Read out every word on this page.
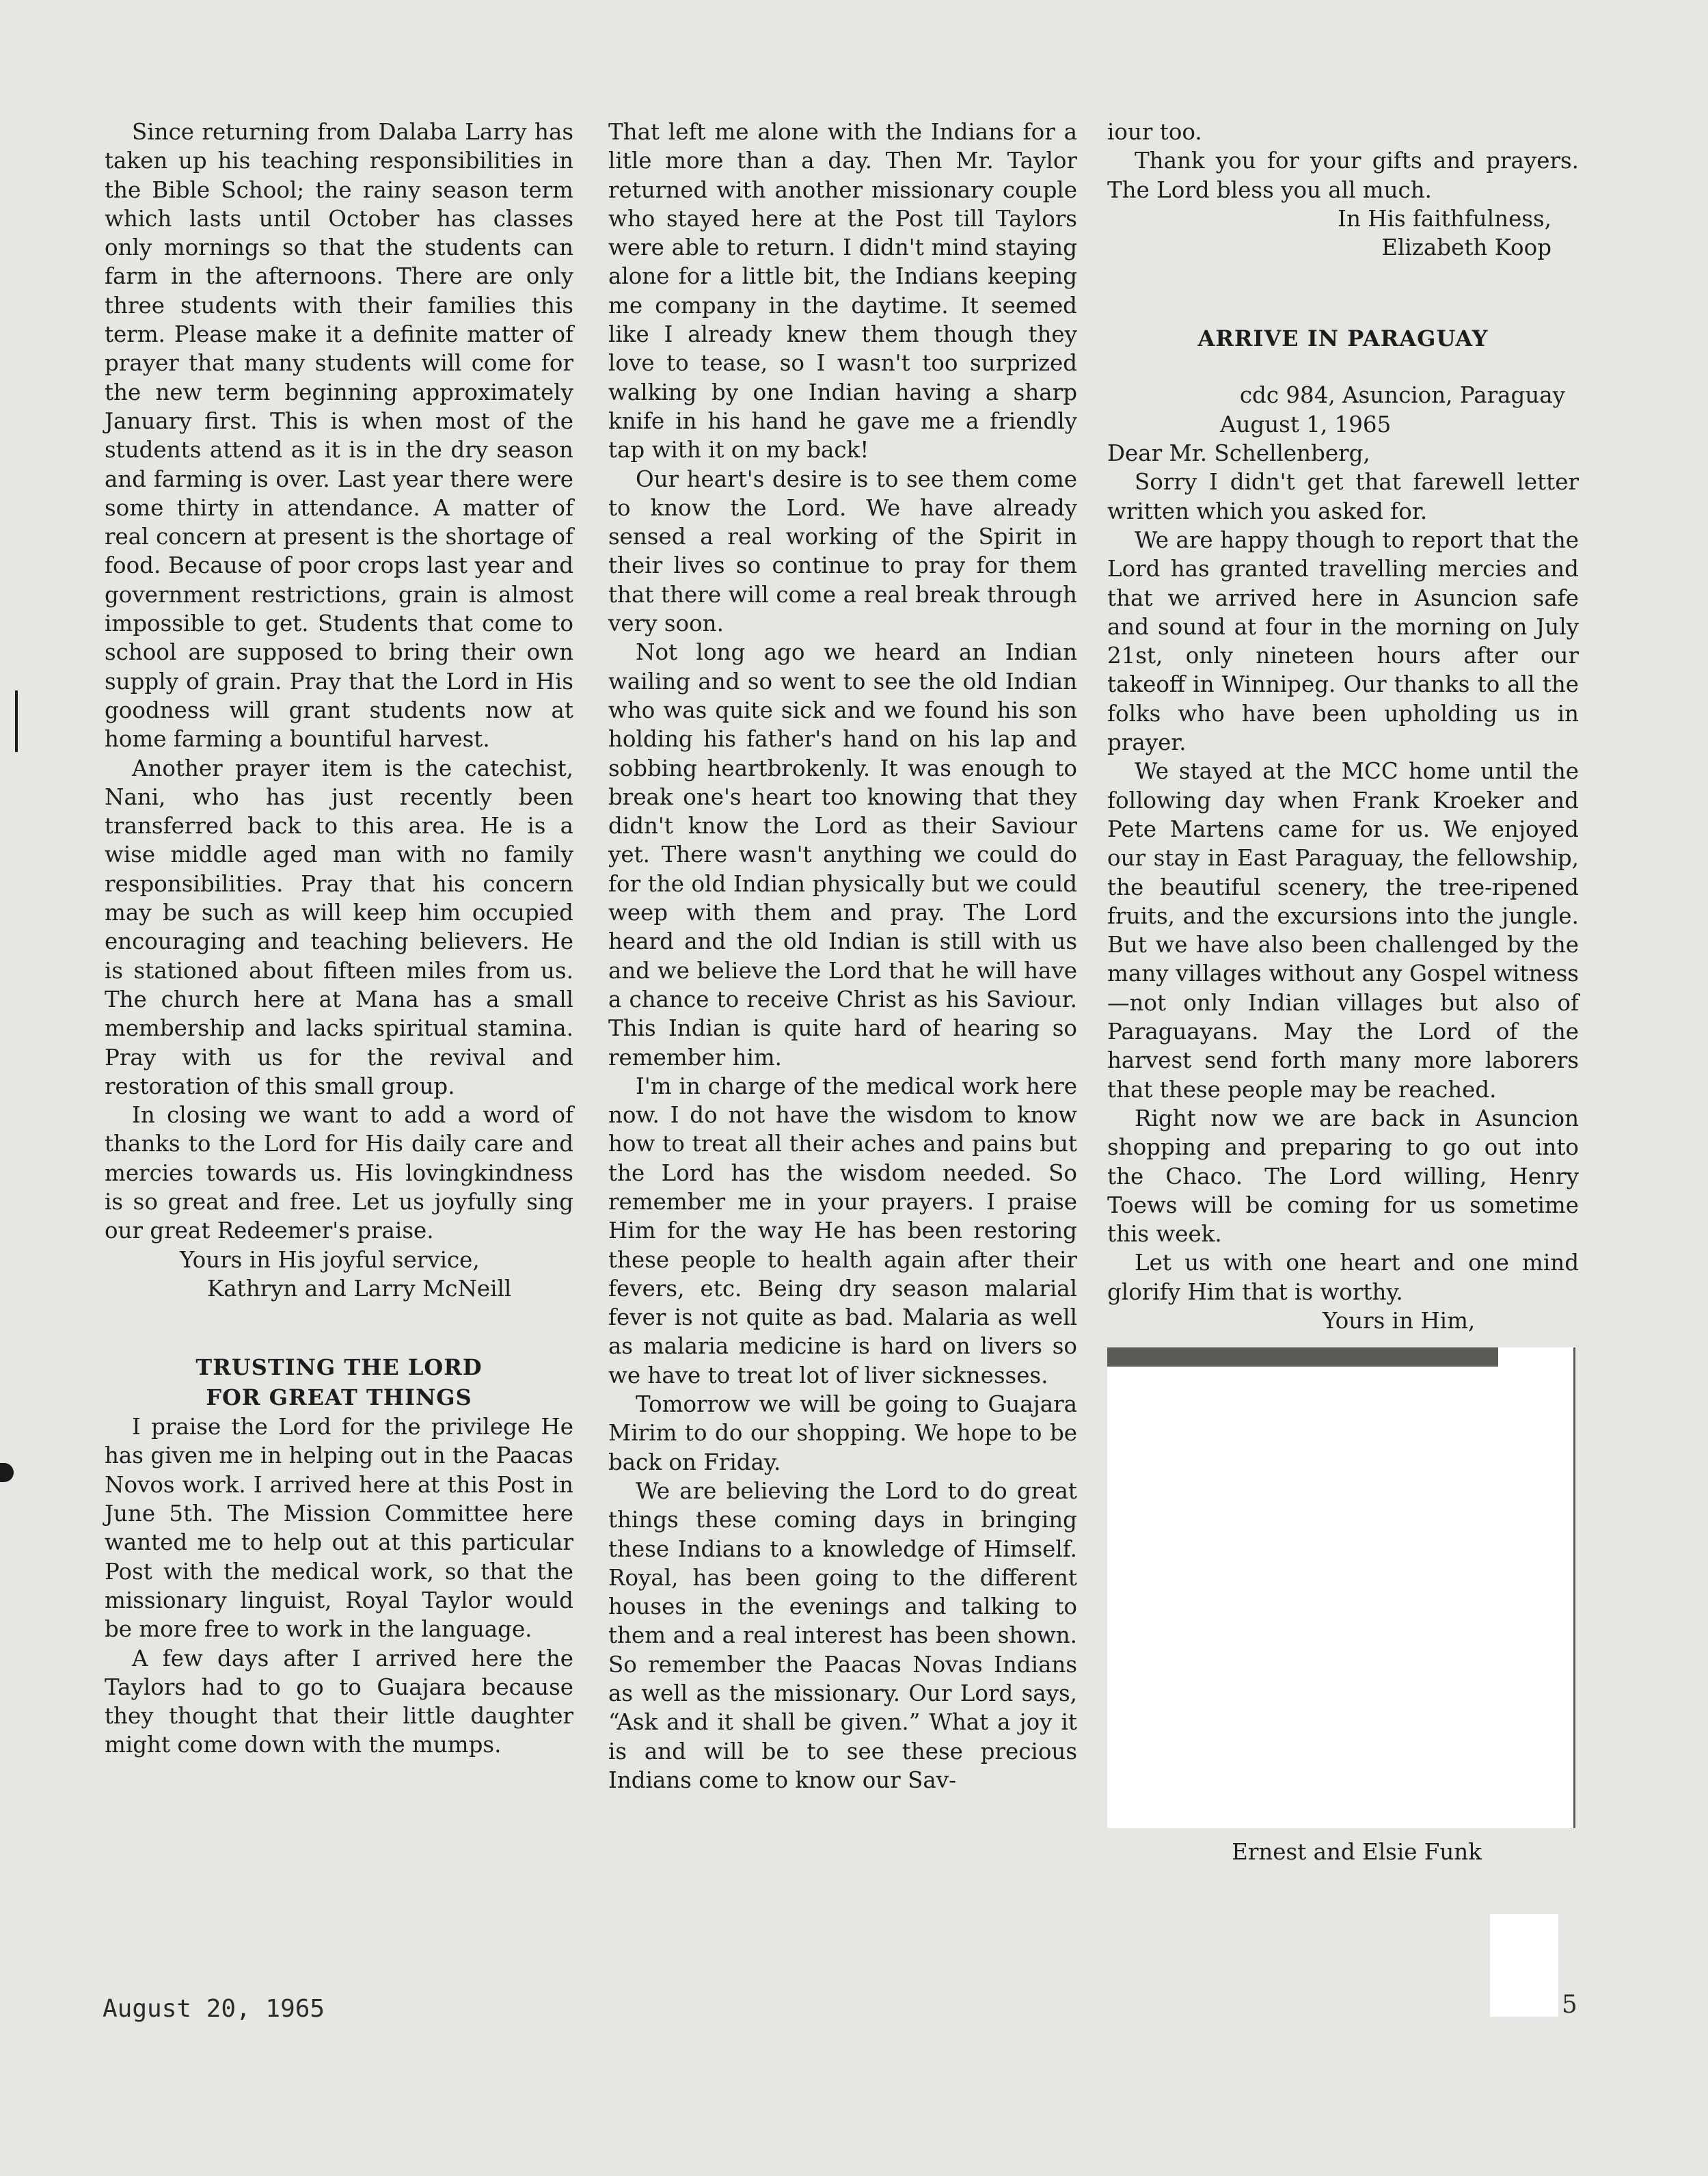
Since returning from Dalaba Larry has taken up his teaching responsibilities in the Bible School; the rainy season term which lasts until October has classes only mornings so that the students can farm in the afternoons. There are only three students with their families this term. Please make it a definite matter of prayer that many students will come for the new term beginning approximately January first. This is when most of the students attend as it is in the dry season and farming is over. Last year there were some thirty in attendance. A matter of real concern at present is the shortage of food. Because of poor crops last year and government restrictions, grain is almost impossible to get. Students that come to school are supposed to bring their own supply of grain. Pray that the Lord in His goodness will grant students now at home farming a bountiful harvest.

Another prayer item is the catechist, Nani, who has just recently been transferred back to this area. He is a wise middle aged man with no family responsibilities. Pray that his concern may be such as will keep him occupied encouraging and teaching believers. He is stationed about fifteen miles from us. The church here at Mana has a small membership and lacks spiritual stamina. Pray with us for the revival and restoration of this small group.

In closing we want to add a word of thanks to the Lord for His daily care and mercies towards us. His lovingkindness is so great and free. Let us joyfully sing our great Redeemer's praise.

Yours in His joyful service,
Kathryn and Larry McNeill
TRUSTING THE LORD
FOR GREAT THINGS

I praise the Lord for the privilege He has given me in helping out in the Paacas Novos work. I arrived here at this Post in June 5th. The Mission Committee here wanted me to help out at this particular Post with the medical work, so that the missionary linguist, Royal Taylor would be more free to work in the language.

A few days after I arrived here the Taylors had to go to Guajara because they thought that their little daughter might come down with the mumps.

That left me alone with the Indians for a litle more than a day. Then Mr. Taylor returned with another missionary couple who stayed here at the Post till Taylors were able to return. I didn't mind staying alone for a little bit, the Indians keeping me company in the daytime. It seemed like I already knew them though they love to tease, so I wasn't too surprized walking by one Indian having a sharp knife in his hand he gave me a friendly tap with it on my back!

Our heart's desire is to see them come to know the Lord. We have already sensed a real working of the Spirit in their lives so continue to pray for them that there will come a real break through very soon.

Not long ago we heard an Indian wailing and so went to see the old Indian who was quite sick and we found his son holding his father's hand on his lap and sobbing heartbrokenly. It was enough to break one's heart too knowing that they didn't know the Lord as their Saviour yet. There wasn't anything we could do for the old Indian physically but we could weep with them and pray. The Lord heard and the old Indian is still with us and we believe the Lord that he will have a chance to receive Christ as his Saviour. This Indian is quite hard of hearing so remember him.

I'm in charge of the medical work here now. I do not have the wisdom to know how to treat all their aches and pains but the Lord has the wisdom needed. So remember me in your prayers. I praise Him for the way He has been restoring these people to health again after their fevers, etc. Being dry season malarial fever is not quite as bad. Malaria as well as malaria medicine is hard on livers so we have to treat lot of liver sicknesses.

Tomorrow we will be going to Guajara Mirim to do our shopping. We hope to be back on Friday.

We are believing the Lord to do great things these coming days in bringing these Indians to a knowledge of Himself. Royal, has been going to the different houses in the evenings and talking to them and a real interest has been shown. So remember the Paacas Novas Indians as well as the missionary. Our Lord says, “Ask and it shall be given.” What a joy it is and will be to see these precious Indians come to know our Sav-

iour too.

Thank you for your gifts and prayers. The Lord bless you all much.

In His faithfulness,
Elizabeth Koop
ARRIVE IN PARAGUAY
cdc 984, Asuncion, Paraguay
August 1, 1965
Dear Mr. Schellenberg,

Sorry I didn't get that farewell letter written which you asked for.

We are happy though to report that the Lord has granted travelling mercies and that we arrived here in Asuncion safe and sound at four in the morning on July 21st, only nineteen hours after our takeoff in Winnipeg. Our thanks to all the folks who have been upholding us in prayer.

We stayed at the MCC home until the following day when Frank Kroeker and Pete Martens came for us. We enjoyed our stay in East Paraguay, the fellowship, the beautiful scenery, the tree-ripened fruits, and the excursions into the jungle. But we have also been challenged by the many villages without any Gospel witness—not only Indian villages but also of Paraguayans. May the Lord of the harvest send forth many more laborers that these people may be reached.

Right now we are back in Asuncion shopping and preparing to go out into the Chaco. The Lord willing, Henry Toews will be coming for us sometime this week.

Let us with one heart and one mind glorify Him that is worthy.

Yours in Him,
Ernest and Elsie Funk
August 20, 1965	5
